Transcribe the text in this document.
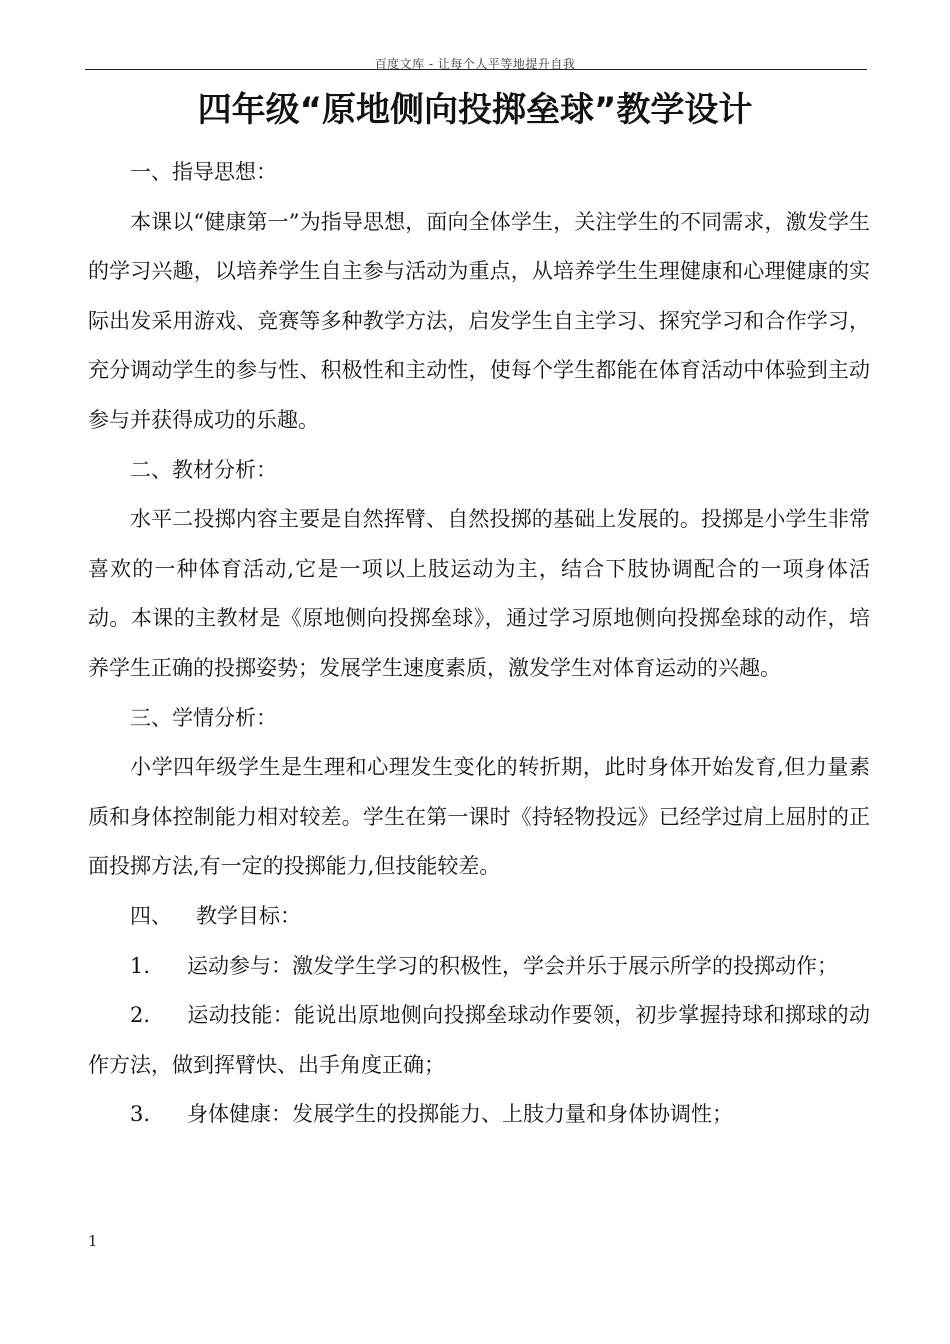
百度文库 - 让每个人平等地提升自我
四年级“原地侧向投掷垒球”教学设计

一、指导思想：

本课以“健康第一”为指导思想，面向全体学生，关注学生的不同需求，激发学生的学习兴趣，以培养学生自主参与活动为重点，从培养学生生理健康和心理健康的实际出发采用游戏、竞赛等多种教学方法，启发学生自主学习、探究学习和合作学习，充分调动学生的参与性、积极性和主动性，使每个学生都能在体育活动中体验到主动参与并获得成功的乐趣。

二、教材分析：

水平二投掷内容主要是自然挥臂、自然投掷的基础上发展的。投掷是小学生非常喜欢的一种体育活动,它是一项以上肢运动为主，结合下肢协调配合的一项身体活动。本课的主教材是《原地侧向投掷垒球》，通过学习原地侧向投掷垒球的动作，培养学生正确的投掷姿势；发展学生速度素质，激发学生对体育运动的兴趣。

三、学情分析：

小学四年级学生是生理和心理发生变化的转折期，此时身体开始发育,但力量素质和身体控制能力相对较差。学生在第一课时《持轻物投远》已经学过肩上屈肘的正面投掷方法,有一定的投掷能力,但技能较差。

四、 教学目标：

1. 运动参与：激发学生学习的积极性，学会并乐于展示所学的投掷动作；

2. 运动技能：能说出原地侧向投掷垒球动作要领，初步掌握持球和掷球的动作方法，做到挥臂快、出手角度正确；

3. 身体健康：发展学生的投掷能力、上肢力量和身体协调性；

1
